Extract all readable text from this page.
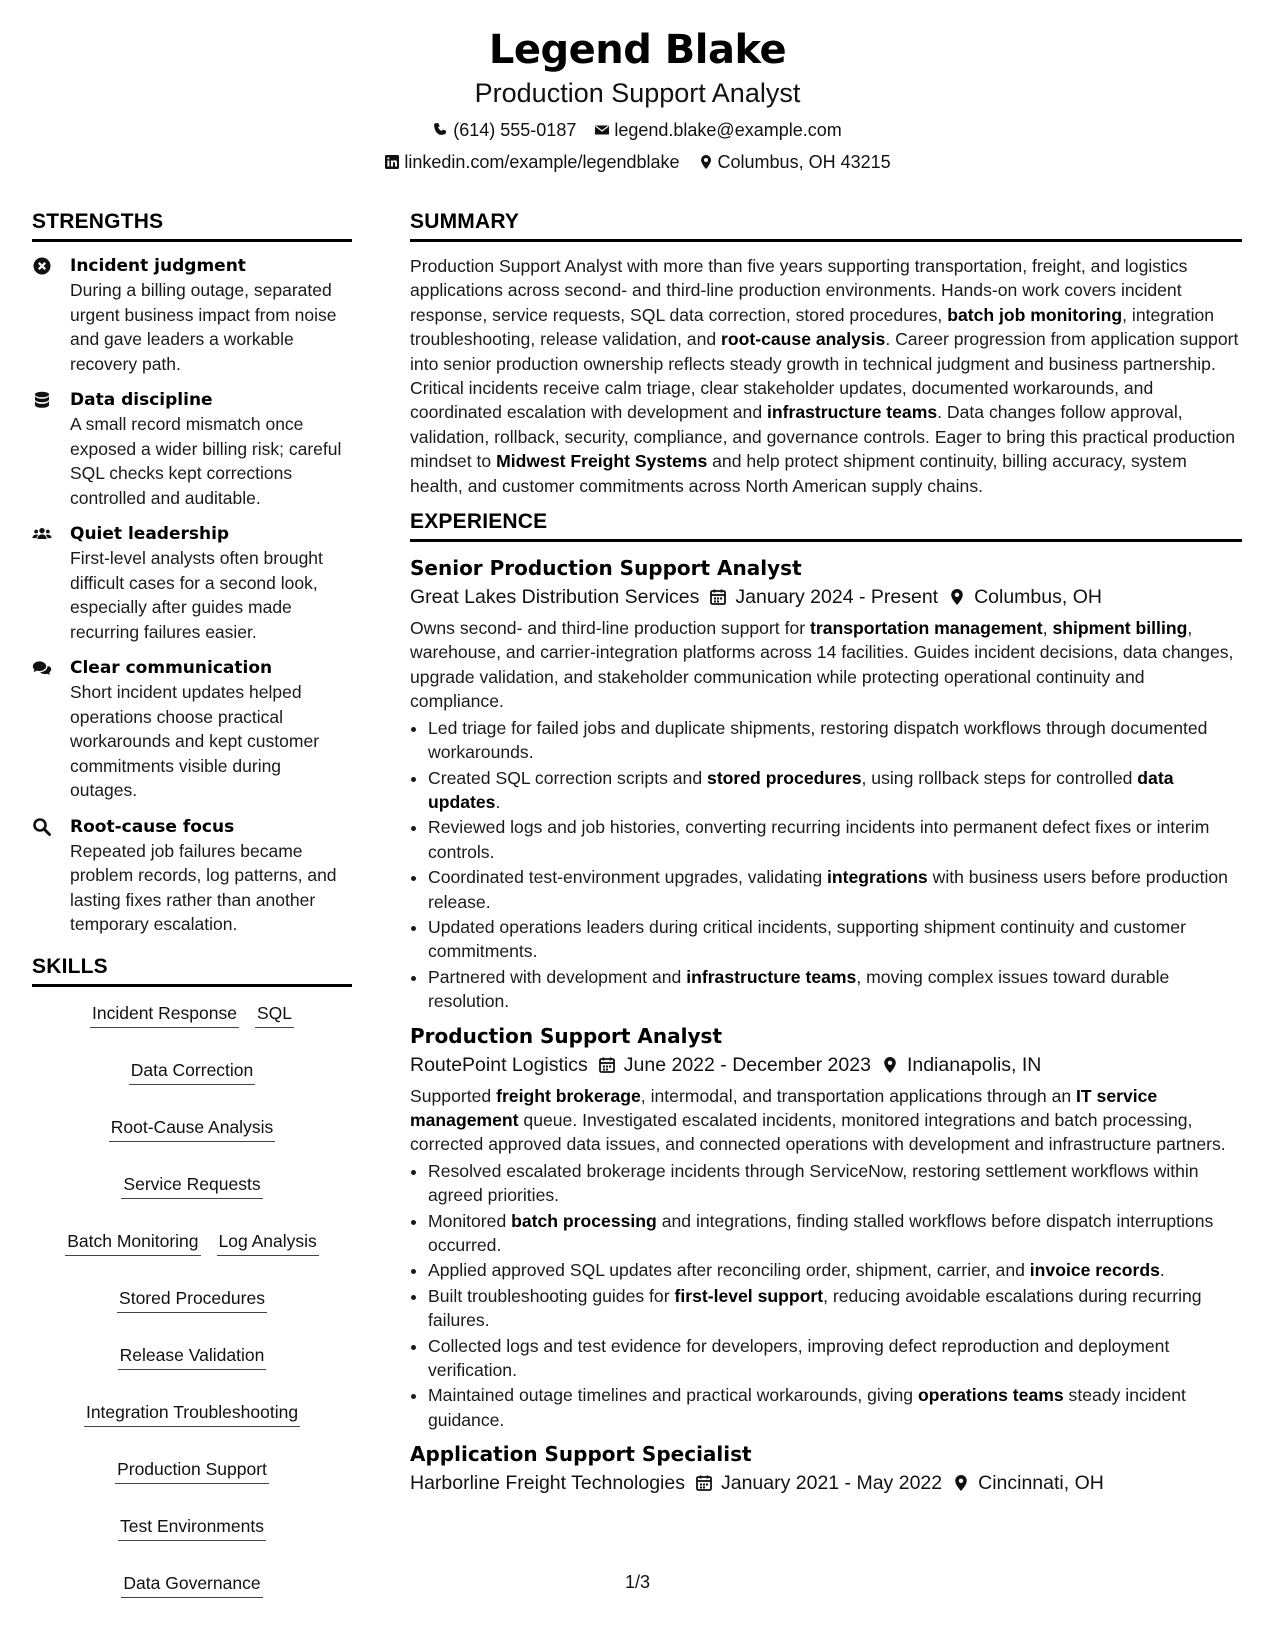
Legend Blake
Production Support Analyst
(614) 555-0187 legend.blake@example.com
linkedin.com/example/legendblake Columbus, OH 43215
STRENGTHS
Incident judgment
During a billing outage, separated urgent business impact from noise and gave leaders a workable recovery path.
Data discipline
A small record mismatch once exposed a wider billing risk; careful SQL checks kept corrections controlled and auditable.
Quiet leadership
First-level analysts often brought difficult cases for a second look, especially after guides made recurring failures easier.
Clear communication
Short incident updates helped operations choose practical workarounds and kept customer commitments visible during outages.
Root-cause focus
Repeated job failures became problem records, log patterns, and lasting fixes rather than another temporary escalation.
SKILLS
Incident Response SQL
Data Correction
Root-Cause Analysis
Service Requests
Batch Monitoring Log Analysis
Stored Procedures
Release Validation
Integration Troubleshooting
Production Support
Test Environments
Data Governance
SUMMARY

Production Support Analyst with more than five years supporting transportation, freight, and logistics applications across second- and third-line production environments. Hands-on work covers incident response, service requests, SQL data correction, stored procedures, batch job monitoring, integration troubleshooting, release validation, and root-cause analysis. Career progression from application support into senior production ownership reflects steady growth in technical judgment and business partnership. Critical incidents receive calm triage, clear stakeholder updates, documented workarounds, and coordinated escalation with development and infrastructure teams. Data changes follow approval, validation, rollback, security, compliance, and governance controls. Eager to bring this practical production mindset to Midwest Freight Systems and help protect shipment continuity, billing accuracy, system health, and customer commitments across North American supply chains.

EXPERIENCE
Senior Production Support Analyst
Great Lakes Distribution Services January 2024 - Present Columbus, OH

Owns second- and third-line production support for transportation management, shipment billing, warehouse, and carrier-integration platforms across 14 facilities. Guides incident decisions, data changes, upgrade validation, and stakeholder communication while protecting operational continuity and compliance.

• Led triage for failed jobs and duplicate shipments, restoring dispatch workflows through documented workarounds.
• Created SQL correction scripts and stored procedures, using rollback steps for controlled data updates.
• Reviewed logs and job histories, converting recurring incidents into permanent defect fixes or interim controls.
• Coordinated test-environment upgrades, validating integrations with business users before production release.
• Updated operations leaders during critical incidents, supporting shipment continuity and customer commitments.
• Partnered with development and infrastructure teams, moving complex issues toward durable resolution.
Production Support Analyst
RoutePoint Logistics June 2022 - December 2023 Indianapolis, IN

Supported freight brokerage, intermodal, and transportation applications through an IT service management queue. Investigated escalated incidents, monitored integrations and batch processing, corrected approved data issues, and connected operations with development and infrastructure partners.

• Resolved escalated brokerage incidents through ServiceNow, restoring settlement workflows within agreed priorities.
• Monitored batch processing and integrations, finding stalled workflows before dispatch interruptions occurred.
• Applied approved SQL updates after reconciling order, shipment, carrier, and invoice records.
• Built troubleshooting guides for first-level support, reducing avoidable escalations during recurring failures.
• Collected logs and test evidence for developers, improving defect reproduction and deployment verification.
• Maintained outage timelines and practical workarounds, giving operations teams steady incident guidance.
Application Support Specialist
Harborline Freight Technologies January 2021 - May 2022 Cincinnati, OH
1/3
